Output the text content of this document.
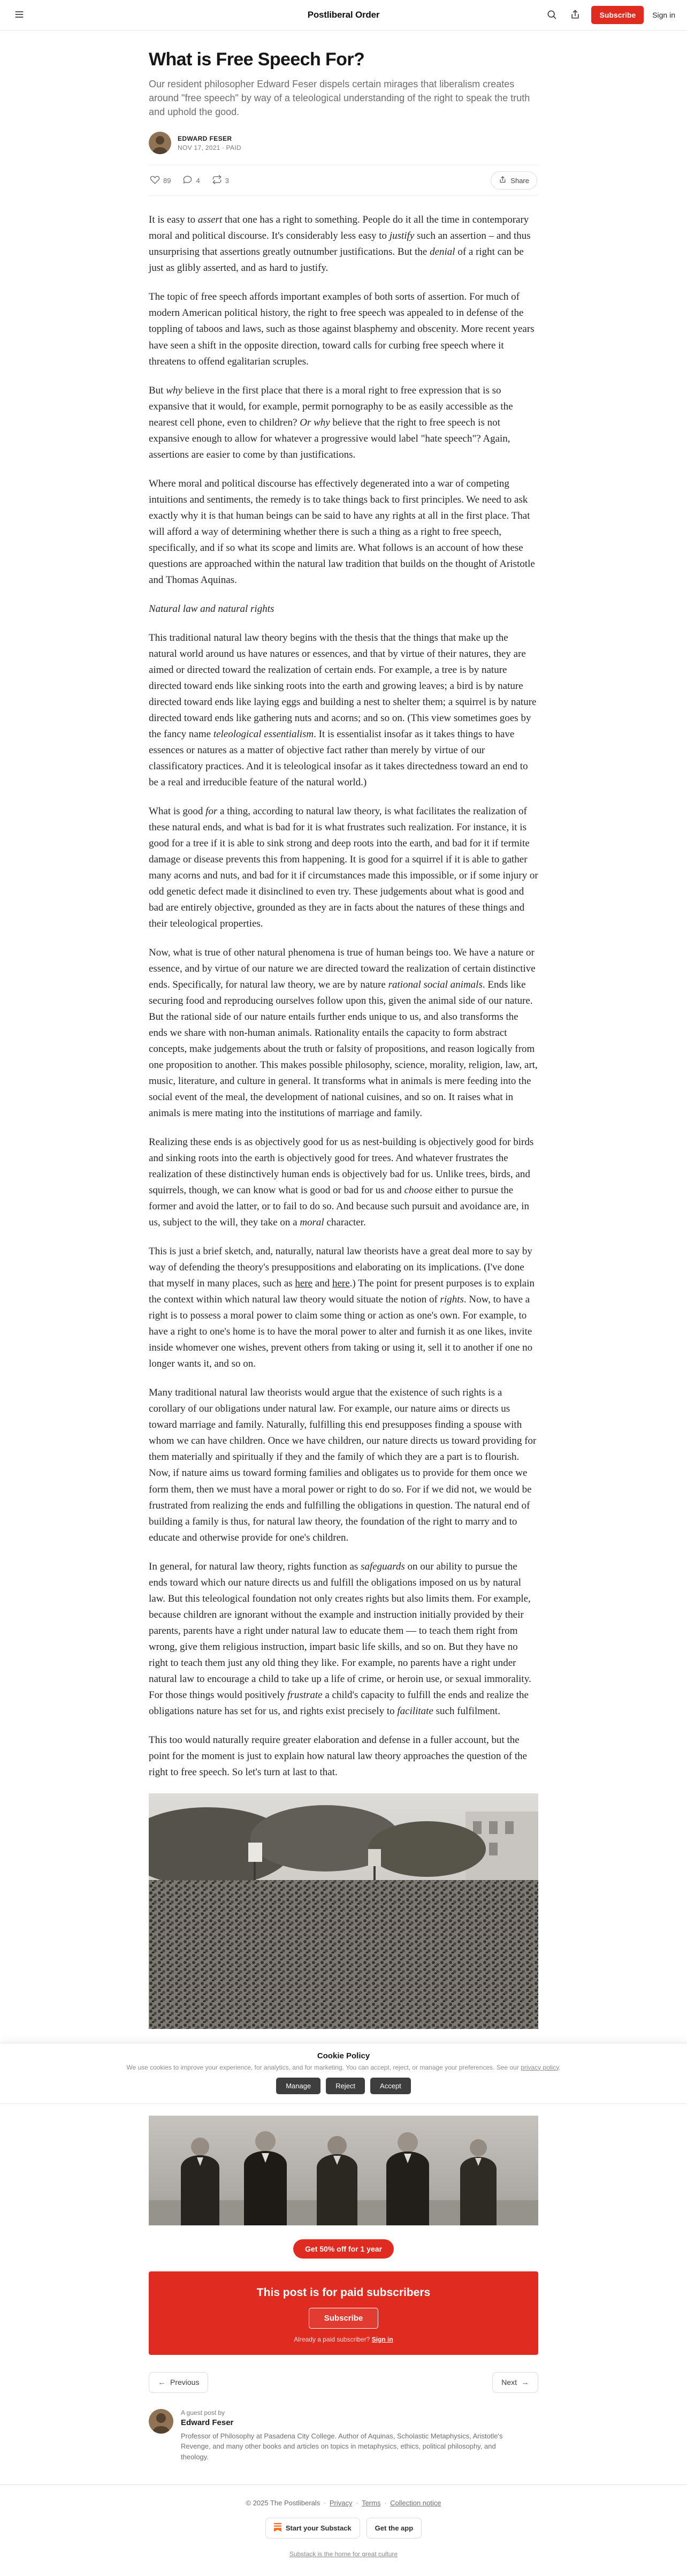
Postliberal Order	Subscribe	Sign in
What is Free Speech For?

Our resident philosopher Edward Feser dispels certain mirages that liberalism creates around "free speech" by way of a teleological understanding of the right to speak the truth and uphold the good.

EDWARD FESER
NOV 17, 2021 ∙ PAID
89	4	3	Share

It is easy to assert that one has a right to something. People do it all the time in contemporary moral and political discourse. It's considerably less easy to justify such an assertion – and thus unsurprising that assertions greatly outnumber justifications. But the denial of a right can be just as glibly asserted, and as hard to justify.

The topic of free speech affords important examples of both sorts of assertion. For much of modern American political history, the right to free speech was appealed to in defense of the toppling of taboos and laws, such as those against blasphemy and obscenity. More recent years have seen a shift in the opposite direction, toward calls for curbing free speech where it threatens to offend egalitarian scruples.

But why believe in the first place that there is a moral right to free expression that is so expansive that it would, for example, permit pornography to be as easily accessible as the nearest cell phone, even to children? Or why believe that the right to free speech is not expansive enough to allow for whatever a progressive would label "hate speech"? Again, assertions are easier to come by than justifications.

Where moral and political discourse has effectively degenerated into a war of competing intuitions and sentiments, the remedy is to take things back to first principles. We need to ask exactly why it is that human beings can be said to have any rights at all in the first place. That will afford a way of determining whether there is such a thing as a right to free speech, specifically, and if so what its scope and limits are. What follows is an account of how these questions are approached within the natural law tradition that builds on the thought of Aristotle and Thomas Aquinas.

Natural law and natural rights

This traditional natural law theory begins with the thesis that the things that make up the natural world around us have natures or essences, and that by virtue of their natures, they are aimed or directed toward the realization of certain ends. For example, a tree is by nature directed toward ends like sinking roots into the earth and growing leaves; a bird is by nature directed toward ends like laying eggs and building a nest to shelter them; a squirrel is by nature directed toward ends like gathering nuts and acorns; and so on. (This view sometimes goes by the fancy name teleological essentialism. It is essentialist insofar as it takes things to have essences or natures as a matter of objective fact rather than merely by virtue of our classificatory practices. And it is teleological insofar as it takes directedness toward an end to be a real and irreducible feature of the natural world.)

What is good for a thing, according to natural law theory, is what facilitates the realization of these natural ends, and what is bad for it is what frustrates such realization. For instance, it is good for a tree if it is able to sink strong and deep roots into the earth, and bad for it if termite damage or disease prevents this from happening. It is good for a squirrel if it is able to gather many acorns and nuts, and bad for it if circumstances made this impossible, or if some injury or odd genetic defect made it disinclined to even try. These judgements about what is good and bad are entirely objective, grounded as they are in facts about the natures of these things and their teleological properties.

Now, what is true of other natural phenomena is true of human beings too. We have a nature or essence, and by virtue of our nature we are directed toward the realization of certain distinctive ends. Specifically, for natural law theory, we are by nature rational social animals. Ends like securing food and reproducing ourselves follow upon this, given the animal side of our nature. But the rational side of our nature entails further ends unique to us, and also transforms the ends we share with non-human animals. Rationality entails the capacity to form abstract concepts, make judgements about the truth or falsity of propositions, and reason logically from one proposition to another. This makes possible philosophy, science, morality, religion, law, art, music, literature, and culture in general. It transforms what in animals is mere feeding into the social event of the meal, the development of national cuisines, and so on. It raises what in animals is mere mating into the institutions of marriage and family.

Realizing these ends is as objectively good for us as nest-building is objectively good for birds and sinking roots into the earth is objectively good for trees. And whatever frustrates the realization of these distinctively human ends is objectively bad for us. Unlike trees, birds, and squirrels, though, we can know what is good or bad for us and choose either to pursue the former and avoid the latter, or to fail to do so. And because such pursuit and avoidance are, in us, subject to the will, they take on a moral character.

This is just a brief sketch, and, naturally, natural law theorists have a great deal more to say by way of defending the theory's presuppositions and elaborating on its implications. (I've done that myself in many places, such as here and here.) The point for present purposes is to explain the context within which natural law theory would situate the notion of rights. Now, to have a right is to possess a moral power to claim some thing or action as one's own. For example, to have a right to one's home is to have the moral power to alter and furnish it as one likes, invite inside whomever one wishes, prevent others from taking or using it, sell it to another if one no longer wants it, and so on.

Many traditional natural law theorists would argue that the existence of such rights is a corollary of our obligations under natural law. For example, our nature aims or directs us toward marriage and family. Naturally, fulfilling this end presupposes finding a spouse with whom we can have children. Once we have children, our nature directs us toward providing for them materially and spiritually if they and the family of which they are a part is to flourish. Now, if nature aims us toward forming families and obligates us to provide for them once we form them, then we must have a moral power or right to do so. For if we did not, we would be frustrated from realizing the ends and fulfilling the obligations in question. The natural end of building a family is thus, for natural law theory, the foundation of the right to marry and to educate and otherwise provide for one's children.

In general, for natural law theory, rights function as safeguards on our ability to pursue the ends toward which our nature directs us and fulfill the obligations imposed on us by natural law. But this teleological foundation not only creates rights but also limits them. For example, because children are ignorant without the example and instruction initially provided by their parents, parents have a right under natural law to educate them — to teach them right from wrong, give them religious instruction, impart basic life skills, and so on. But they have no right to teach them just any old thing they like. For example, no parents have a right under natural law to encourage a child to take up a life of crime, or heroin use, or sexual immorality. For those things would positively frustrate a child's capacity to fulfill the ends and realize the obligations nature has set for us, and rights exist precisely to facilitate such fulfilment.

This too would naturally require greater elaboration and defense in a fuller account, but the point for the moment is just to explain how natural law theory approaches the question of the right to free speech. So let's turn at last to that.

Cookie Policy
We use cookies to improve your experience, for analytics, and for marketing. You can accept, reject, or manage your preferences. See our privacy policy.
Manage	Reject	Accept
Get 50% off for 1 year
This post is for paid subscribers
Subscribe
Already a paid subscriber? Sign in
← Previous	Next →
A guest post by
Edward Feser
Professor of Philosophy at Pasadena City College. Author of Aquinas, Scholastic Metaphysics, Aristotle's Revenge, and many other books and articles on topics in metaphysics, ethics, political philosophy, and theology.
© 2025 The Postliberals ∙ Privacy ∙ Terms ∙ Collection notice
Start your Substack	Get the app
Substack is the home for great culture
